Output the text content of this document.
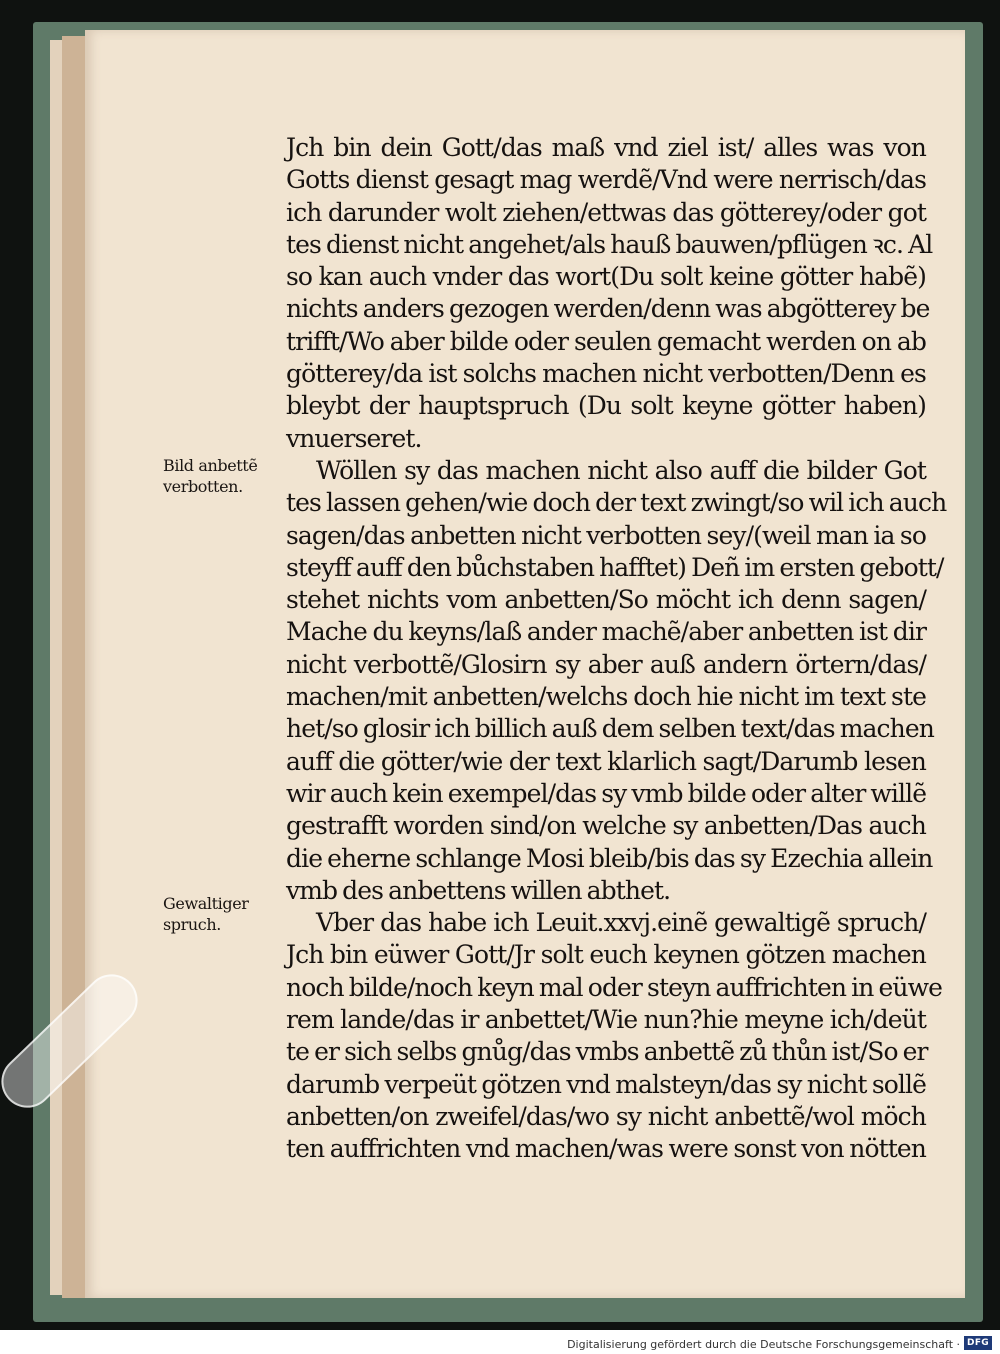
Jch bin dein Gott/das maß vnd ziel ist/ alles was von
Gotts dienst gesagt mag werdẽ/Vnd were nerrisch/das
ich darunder wolt ziehen/ettwas das götterey/oder got
tes dienst nicht angehet/als hauß bauwen/pflügen ꝛc. Al
so kan auch vnder das wort(Du solt keine götter habẽ)
nichts anders gezogen werden/denn was abgötterey be
trifft/Wo aber bilde oder seulen gemacht werden on ab
götterey/da ist solchs machen nicht verbotten/Denn es
bleybt der hauptspruch (Du solt keyne götter haben)
vnuerseret.
Wöllen sy das machen nicht also auff die bilder Got
tes lassen gehen/wie doch der text zwingt/so wil ich auch
sagen/das anbetten nicht verbotten sey/(weil man ia so
steyff auff den bůchstaben hafftet) Deñ im ersten gebott/
stehet nichts vom anbetten/So möcht ich denn sagen/
Mache du keyns/laß ander machẽ/aber anbetten ist dir
nicht verbottẽ/Glosirn sy aber auß andern örtern/das/
machen/mit anbetten/welchs doch hie nicht im text ste
het/so glosir ich billich auß dem selben text/das machen
auff die götter/wie der text klarlich sagt/Darumb lesen
wir auch kein exempel/das sy vmb bilde oder alter willẽ
gestrafft worden sind/on welche sy anbetten/Das auch
die eherne schlange Mosi bleib/bis das sy Ezechia allein
vmb des anbettens willen abthet.
Vber das habe ich Leuit.xxvj.einẽ gewaltigẽ spruch/
Jch bin eüwer Gott/Jr solt euch keynen götzen machen
noch bilde/noch keyn mal oder steyn auffrichten in eüwe
rem lande/das ir anbettet/Wie nun?hie meyne ich/deüt
te er sich selbs gnůg/das vmbs anbettẽ zů thůn ist/So er
darumb verpeüt götzen vnd malsteyn/das sy nicht sollẽ
anbetten/on zweifel/das/wo sy nicht anbettẽ/wol möch
ten auffrichten vnd machen/was were sonst von nötten
Bild anbettẽ
verbotten.
Gewaltiger
spruch.
Digitalisierung gefördert durch die Deutsche Forschungsgemeinschaft · DFG
